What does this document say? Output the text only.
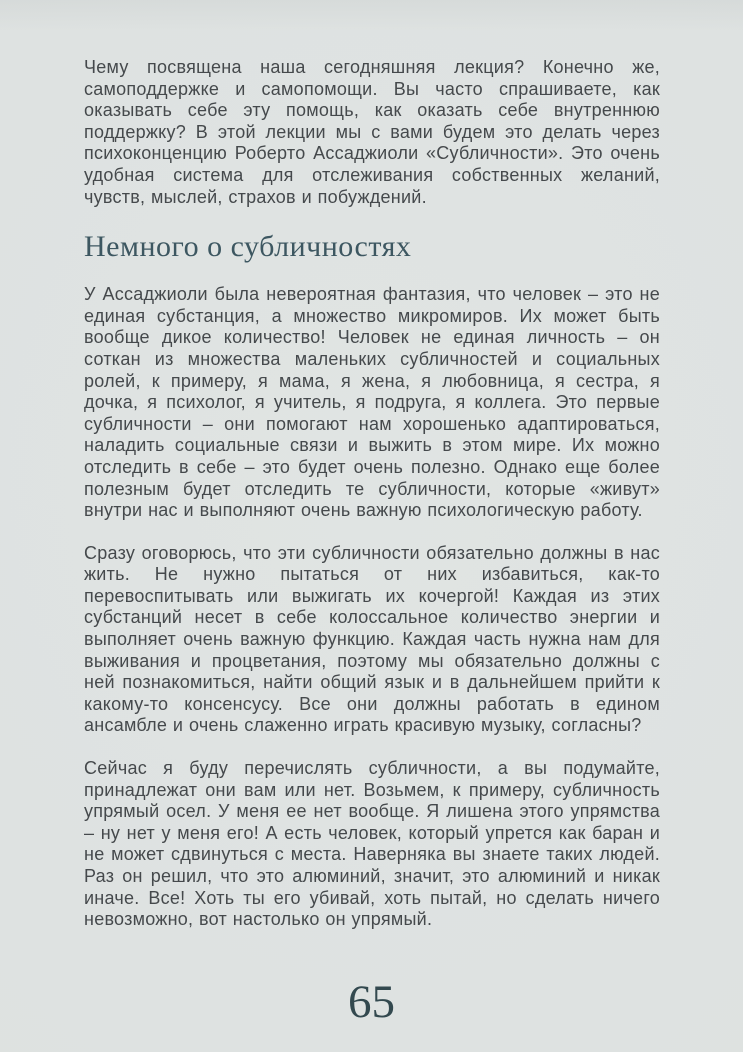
Чему посвящена наша сегодняшняя лекция? Конечно же, самоподдержке и самопомощи. Вы часто спрашиваете, как оказывать себе эту помощь, как оказать себе внутреннюю поддержку? В этой лекции мы с вами будем это делать через психоконценцию Роберто Ассаджиоли «Субличности». Это очень удобная система для отслеживания собственных желаний, чувств, мыслей, страхов и побуждений.

Немного о субличностях

У Ассаджиоли была невероятная фантазия, что человек – это не единая субстанция, а множество микромиров. Их может быть вообще дикое количество! Человек не единая личность – он соткан из множества маленьких субличностей и социальных ролей, к примеру, я мама, я жена, я любовница, я сестра, я дочка, я психолог, я учитель, я подруга, я коллега. Это первые субличности – они помогают нам хорошенько адаптироваться, наладить социальные связи и выжить в этом мире. Их можно отследить в себе – это будет очень полезно. Однако еще более полезным будет отследить те субличности, которые «живут» внутри нас и выполняют очень важную психологическую работу.

Сразу оговорюсь, что эти субличности обязательно должны в нас жить. Не нужно пытаться от них избавиться, как-то перевоспитывать или выжигать их кочергой! Каждая из этих субстанций несет в себе колоссальное количество энергии и выполняет очень важную функцию. Каждая часть нужна нам для выживания и процветания, поэтому мы обязательно должны с ней познакомиться, найти общий язык и в дальнейшем прийти к какому-то консенсусу. Все они должны работать в едином ансамбле и очень слаженно играть красивую музыку, согласны?

Сейчас я буду перечислять субличности, а вы подумайте, принадлежат они вам или нет. Возьмем, к примеру, субличность упрямый осел. У меня ее нет вообще. Я лишена этого упрямства – ну нет у меня его! А есть человек, который упрется как баран и не может сдвинуться с места. Наверняка вы знаете таких людей. Раз он решил, что это алюминий, значит, это алюминий и никак иначе. Все! Хоть ты его убивай, хоть пытай, но сделать ничего невозможно, вот настолько он упрямый.

65
